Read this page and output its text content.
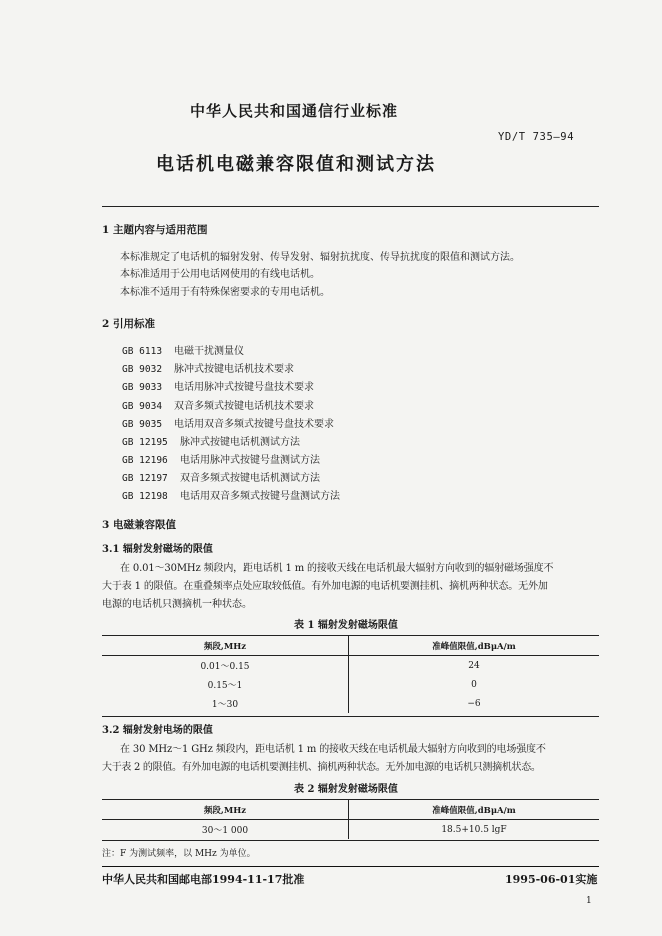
中华人民共和国通信行业标准
YD/T 735—94
电话机电磁兼容限值和测试方法
1 主题内容与适用范围
本标准规定了电话机的辐射发射、传导发射、辐射抗扰度、传导抗扰度的限值和测试方法。
本标准适用于公用电话网使用的有线电话机。
本标准不适用于有特殊保密要求的专用电话机。
2 引用标准
GB 6113 电磁干扰测量仪
GB 9032 脉冲式按键电话机技术要求
GB 9033 电话用脉冲式按键号盘技术要求
GB 9034 双音多频式按键电话机技术要求
GB 9035 电话用双音多频式按键号盘技术要求
GB 12195 脉冲式按键电话机测试方法
GB 12196 电话用脉冲式按键号盘测试方法
GB 12197 双音多频式按键电话机测试方法
GB 12198 电话用双音多频式按键号盘测试方法
3 电磁兼容限值
3.1 辐射发射磁场的限值
在 0.01～30MHz 频段内，距电话机 1 m 的接收天线在电话机最大辐射方向收到的辐射磁场强度不
大于表 1 的限值。在重叠频率点处应取较低值。有外加电源的电话机要测挂机、摘机两种状态。无外加
电源的电话机只测摘机一种状态。
表 1 辐射发射磁场限值
频段,MHz	准峰值限值,dBμA/m
0.01～0.15	24
0.15～1	0
1～30	−6
3.2 辐射发射电场的限值
在 30 MHz～1 GHz 频段内，距电话机 1 m 的接收天线在电话机最大辐射方向收到的电场强度不
大于表 2 的限值。有外加电源的电话机要测挂机、摘机两种状态。无外加电源的电话机只测摘机状态。
表 2 辐射发射磁场限值
频段,MHz	准峰值限值,dBμA/m
30～1 000	18.5+10.5 lgF
注：F 为测试频率，以 MHz 为单位。
中华人民共和国邮电部1994-11-17批准	1995-06-01实施
1
